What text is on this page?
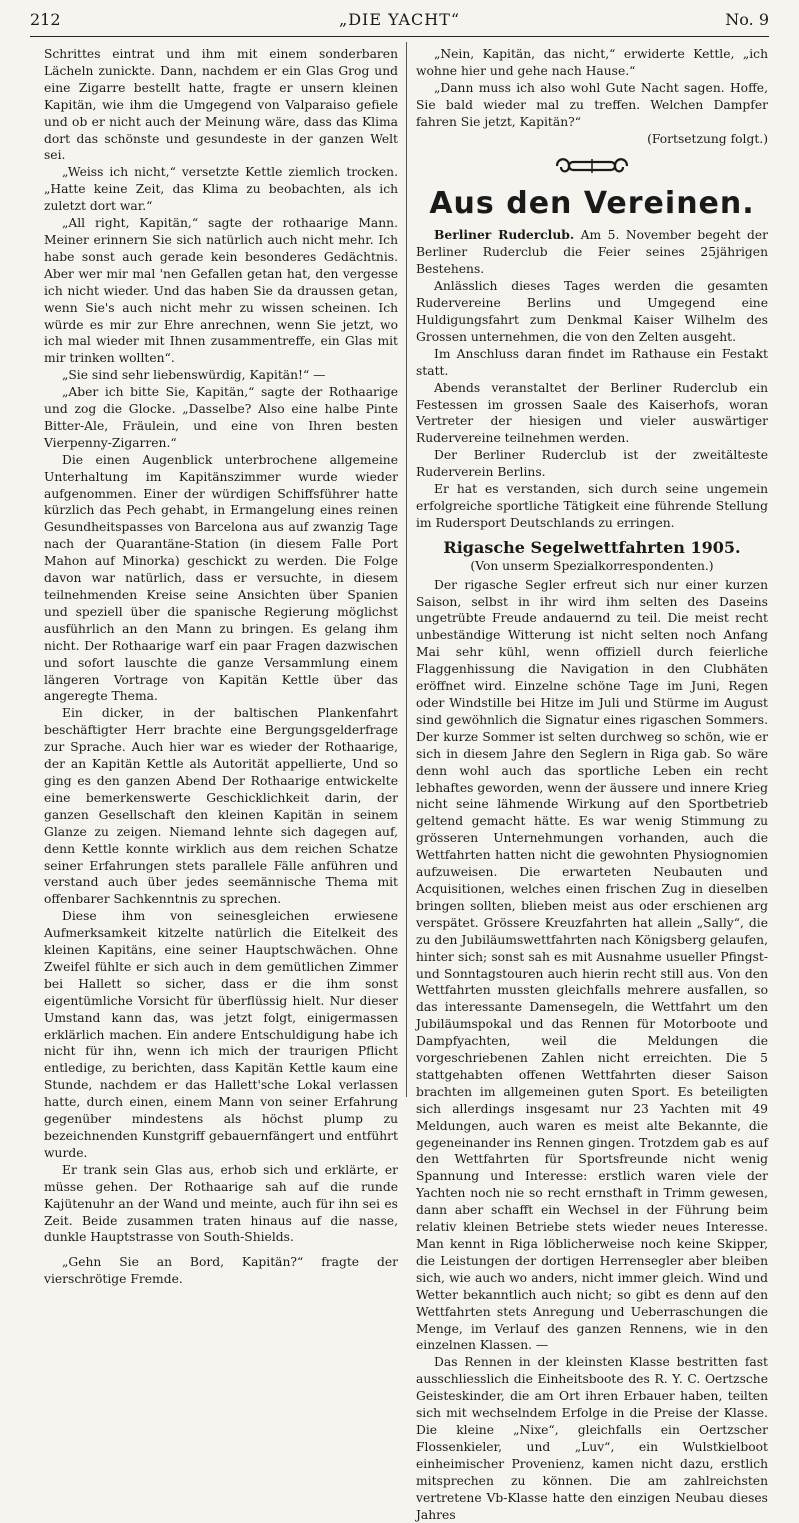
212	„DIE YACHT“	No. 9

Schrittes eintrat und ihm mit einem sonderbaren Lächeln zunickte. Dann, nachdem er ein Glas Grog und eine Zigarre bestellt hatte, fragte er unsern kleinen Kapitän, wie ihm die Umgegend von Valparaiso gefiele und ob er nicht auch der Meinung wäre, dass das Klima dort das schönste und gesundeste in der ganzen Welt sei.

„Weiss ich nicht,“ versetzte Kettle ziemlich trocken. „Hatte keine Zeit, das Klima zu beobachten, als ich zuletzt dort war.“

„All right, Kapitän,“ sagte der rothaarige Mann. Meiner erinnern Sie sich natürlich auch nicht mehr. Ich habe sonst auch gerade kein besonderes Gedächtnis. Aber wer mir mal 'nen Gefallen getan hat, den vergesse ich nicht wieder. Und das haben Sie da draussen getan, wenn Sie's auch nicht mehr zu wissen scheinen. Ich würde es mir zur Ehre anrechnen, wenn Sie jetzt, wo ich mal wieder mit Ihnen zusammentreffe, ein Glas mit mir trinken wollten“.

„Sie sind sehr liebenswürdig, Kapitän!“ —

„Aber ich bitte Sie, Kapitän,“ sagte der Rothaarige und zog die Glocke. „Dasselbe? Also eine halbe Pinte Bitter-Ale, Fräulein, und eine von Ihren besten Vierpenny-Zigarren.“

Die einen Augenblick unterbrochene allgemeine Unterhaltung im Kapitänszimmer wurde wieder aufgenommen. Einer der würdigen Schiffsführer hatte kürzlich das Pech gehabt, in Ermangelung eines reinen Gesundheitspasses von Barcelona aus auf zwanzig Tage nach der Quarantäne-Station (in diesem Falle Port Mahon auf Minorka) geschickt zu werden. Die Folge davon war natürlich, dass er versuchte, in diesem teilnehmenden Kreise seine Ansichten über Spanien und speziell über die spanische Regierung möglichst ausführlich an den Mann zu bringen. Es gelang ihm nicht. Der Rothaarige warf ein paar Fragen dazwischen und sofort lauschte die ganze Versammlung einem längeren Vortrage von Kapitän Kettle über das angeregte Thema.

Ein dicker, in der baltischen Plankenfahrt beschäftigter Herr brachte eine Bergungsgelderfrage zur Sprache. Auch hier war es wieder der Rothaarige, der an Kapitän Kettle als Autorität appellierte, Und so ging es den ganzen Abend Der Rothaarige entwickelte eine bemerkenswerte Geschicklichkeit darin, der ganzen Gesellschaft den kleinen Kapitän in seinem Glanze zu zeigen. Niemand lehnte sich dagegen auf, denn Kettle konnte wirklich aus dem reichen Schatze seiner Erfahrungen stets parallele Fälle anführen und verstand auch über jedes seemännische Thema mit offenbarer Sachkenntnis zu sprechen.

Diese ihm von seinesgleichen erwiesene Aufmerksamkeit kitzelte natürlich die Eitelkeit des kleinen Kapitäns, eine seiner Hauptschwächen. Ohne Zweifel fühlte er sich auch in dem gemütlichen Zimmer bei Hallett so sicher, dass er die ihm sonst eigentümliche Vorsicht für überflüssig hielt. Nur dieser Umstand kann das, was jetzt folgt, einigermassen erklärlich machen. Ein andere Entschuldigung habe ich nicht für ihn, wenn ich mich der traurigen Pflicht entledige, zu berichten, dass Kapitän Kettle kaum eine Stunde, nachdem er das Hallett'sche Lokal verlassen hatte, durch einen, einem Mann von seiner Erfahrung gegenüber mindestens als höchst plump zu bezeichnenden Kunstgriff gebauernfängert und entführt wurde.

Er trank sein Glas aus, erhob sich und erklärte, er müsse gehen. Der Rothaarige sah auf die runde Kajütenuhr an der Wand und meinte, auch für ihn sei es Zeit. Beide zusammen traten hinaus auf die nasse, dunkle Hauptstrasse von South-Shields.

„Gehn Sie an Bord, Kapitän?“ fragte der vierschrötige Fremde.

„Nein, Kapitän, das nicht,“ erwiderte Kettle, „ich wohne hier und gehe nach Hause.“

„Dann muss ich also wohl Gute Nacht sagen. Hoffe, Sie bald wieder mal zu treffen. Welchen Dampfer fahren Sie jetzt, Kapitän?“

(Fortsetzung folgt.)
Aus den Vereinen.

Berliner Ruderclub. Am 5. November begeht der Berliner Ruderclub die Feier seines 25jährigen Bestehens.

Anlässlich dieses Tages werden die gesamten Rudervereine Berlins und Umgegend eine Huldigungsfahrt zum Denkmal Kaiser Wilhelm des Grossen unternehmen, die von den Zelten ausgeht.

Im Anschluss daran findet im Rathause ein Festakt statt.

Abends veranstaltet der Berliner Ruderclub ein Festessen im grossen Saale des Kaiserhofs, woran Vertreter der hiesigen und vieler auswärtiger Rudervereine teilnehmen werden.

Der Berliner Ruderclub ist der zweitälteste Ruderverein Berlins.

Er hat es verstanden, sich durch seine ungemein erfolgreiche sportliche Tätigkeit eine führende Stellung im Rudersport Deutschlands zu erringen.

Rigasche Segelwettfahrten 1905.
(Von unserm Spezialkorrespondenten.)

Der rigasche Segler erfreut sich nur einer kurzen Saison, selbst in ihr wird ihm selten des Daseins ungetrübte Freude andauernd zu teil. Die meist recht unbeständige Witterung ist nicht selten noch Anfang Mai sehr kühl, wenn offiziell durch feierliche Flaggenhissung die Navigation in den Clubhäten eröffnet wird. Einzelne schöne Tage im Juni, Regen oder Windstille bei Hitze im Juli und Stürme im August sind gewöhnlich die Signatur eines rigaschen Sommers. Der kurze Sommer ist selten durchweg so schön, wie er sich in diesem Jahre den Seglern in Riga gab. So wäre denn wohl auch das sportliche Leben ein recht lebhaftes geworden, wenn der äussere und innere Krieg nicht seine lähmende Wirkung auf den Sportbetrieb geltend gemacht hätte. Es war wenig Stimmung zu grösseren Unternehmungen vorhanden, auch die Wettfahrten hatten nicht die gewohnten Physiognomien aufzuweisen. Die erwarteten Neubauten und Acquisitionen, welches einen frischen Zug in dieselben bringen sollten, blieben meist aus oder erschienen arg verspätet. Grössere Kreuzfahrten hat allein „Sally“, die zu den Jubiläumswettfahrten nach Königsberg gelaufen, hinter sich; sonst sah es mit Ausnahme usueller Pfingst- und Sonntagstouren auch hierin recht still aus. Von den Wettfahrten mussten gleichfalls mehrere ausfallen, so das interessante Damensegeln, die Wettfahrt um den Jubiläumspokal und das Rennen für Motorboote und Dampfyachten, weil die Meldungen die vorgeschriebenen Zahlen nicht erreichten. Die 5 stattgehabten offenen Wettfahrten dieser Saison brachten im allgemeinen guten Sport. Es beteiligten sich allerdings insgesamt nur 23 Yachten mit 49 Meldungen, auch waren es meist alte Bekannte, die gegeneinander ins Rennen gingen. Trotzdem gab es auf den Wettfahrten für Sportsfreunde nicht wenig Spannung und Interesse: erstlich waren viele der Yachten noch nie so recht ernsthaft in Trimm gewesen, dann aber schafft ein Wechsel in der Führung beim relativ kleinen Betriebe stets wieder neues Interesse. Man kennt in Riga löblicherweise noch keine Skipper, die Leistungen der dortigen Herrensegler aber bleiben sich, wie auch wo anders, nicht immer gleich. Wind und Wetter bekanntlich auch nicht; so gibt es denn auf den Wettfahrten stets Anregung und Ueberraschungen die Menge, im Verlauf des ganzen Rennens, wie in den einzelnen Klassen. —

Das Rennen in der kleinsten Klasse bestritten fast ausschliesslich die Einheitsboote des R. Y. C. Oertzsche Geisteskinder, die am Ort ihren Erbauer haben, teilten sich mit wechselndem Erfolge in die Preise der Klasse. Die kleine „Nixe“, gleichfalls ein Oertzscher Flossenkieler, und „Luv“, ein Wulstkielboot einheimischer Provenienz, kamen nicht dazu, erstlich mitsprechen zu können. Die am zahlreichsten vertretene Vb-Klasse hatte den einzigen Neubau dieses Jahres
